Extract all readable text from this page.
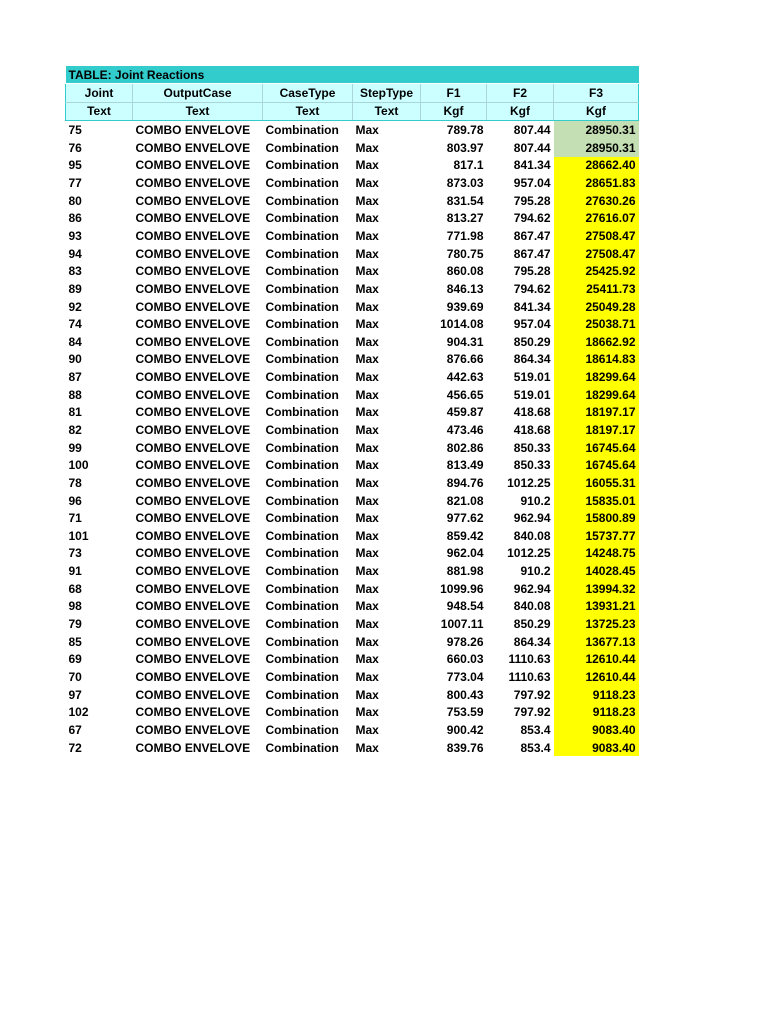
TABLE: Joint Reactions						
Joint	OutputCase	CaseType	StepType	F1	F2	F3
Text	Text	Text	Text	Kgf	Kgf	Kgf
75	COMBO ENVELOVE	Combination	Max	789.78	807.44	28950.31
76	COMBO ENVELOVE	Combination	Max	803.97	807.44	28950.31
95	COMBO ENVELOVE	Combination	Max	817.1	841.34	28662.40
77	COMBO ENVELOVE	Combination	Max	873.03	957.04	28651.83
80	COMBO ENVELOVE	Combination	Max	831.54	795.28	27630.26
86	COMBO ENVELOVE	Combination	Max	813.27	794.62	27616.07
93	COMBO ENVELOVE	Combination	Max	771.98	867.47	27508.47
94	COMBO ENVELOVE	Combination	Max	780.75	867.47	27508.47
83	COMBO ENVELOVE	Combination	Max	860.08	795.28	25425.92
89	COMBO ENVELOVE	Combination	Max	846.13	794.62	25411.73
92	COMBO ENVELOVE	Combination	Max	939.69	841.34	25049.28
74	COMBO ENVELOVE	Combination	Max	1014.08	957.04	25038.71
84	COMBO ENVELOVE	Combination	Max	904.31	850.29	18662.92
90	COMBO ENVELOVE	Combination	Max	876.66	864.34	18614.83
87	COMBO ENVELOVE	Combination	Max	442.63	519.01	18299.64
88	COMBO ENVELOVE	Combination	Max	456.65	519.01	18299.64
81	COMBO ENVELOVE	Combination	Max	459.87	418.68	18197.17
82	COMBO ENVELOVE	Combination	Max	473.46	418.68	18197.17
99	COMBO ENVELOVE	Combination	Max	802.86	850.33	16745.64
100	COMBO ENVELOVE	Combination	Max	813.49	850.33	16745.64
78	COMBO ENVELOVE	Combination	Max	894.76	1012.25	16055.31
96	COMBO ENVELOVE	Combination	Max	821.08	910.2	15835.01
71	COMBO ENVELOVE	Combination	Max	977.62	962.94	15800.89
101	COMBO ENVELOVE	Combination	Max	859.42	840.08	15737.77
73	COMBO ENVELOVE	Combination	Max	962.04	1012.25	14248.75
91	COMBO ENVELOVE	Combination	Max	881.98	910.2	14028.45
68	COMBO ENVELOVE	Combination	Max	1099.96	962.94	13994.32
98	COMBO ENVELOVE	Combination	Max	948.54	840.08	13931.21
79	COMBO ENVELOVE	Combination	Max	1007.11	850.29	13725.23
85	COMBO ENVELOVE	Combination	Max	978.26	864.34	13677.13
69	COMBO ENVELOVE	Combination	Max	660.03	1110.63	12610.44
70	COMBO ENVELOVE	Combination	Max	773.04	1110.63	12610.44
97	COMBO ENVELOVE	Combination	Max	800.43	797.92	9118.23
102	COMBO ENVELOVE	Combination	Max	753.59	797.92	9118.23
67	COMBO ENVELOVE	Combination	Max	900.42	853.4	9083.40
72	COMBO ENVELOVE	Combination	Max	839.76	853.4	9083.40
